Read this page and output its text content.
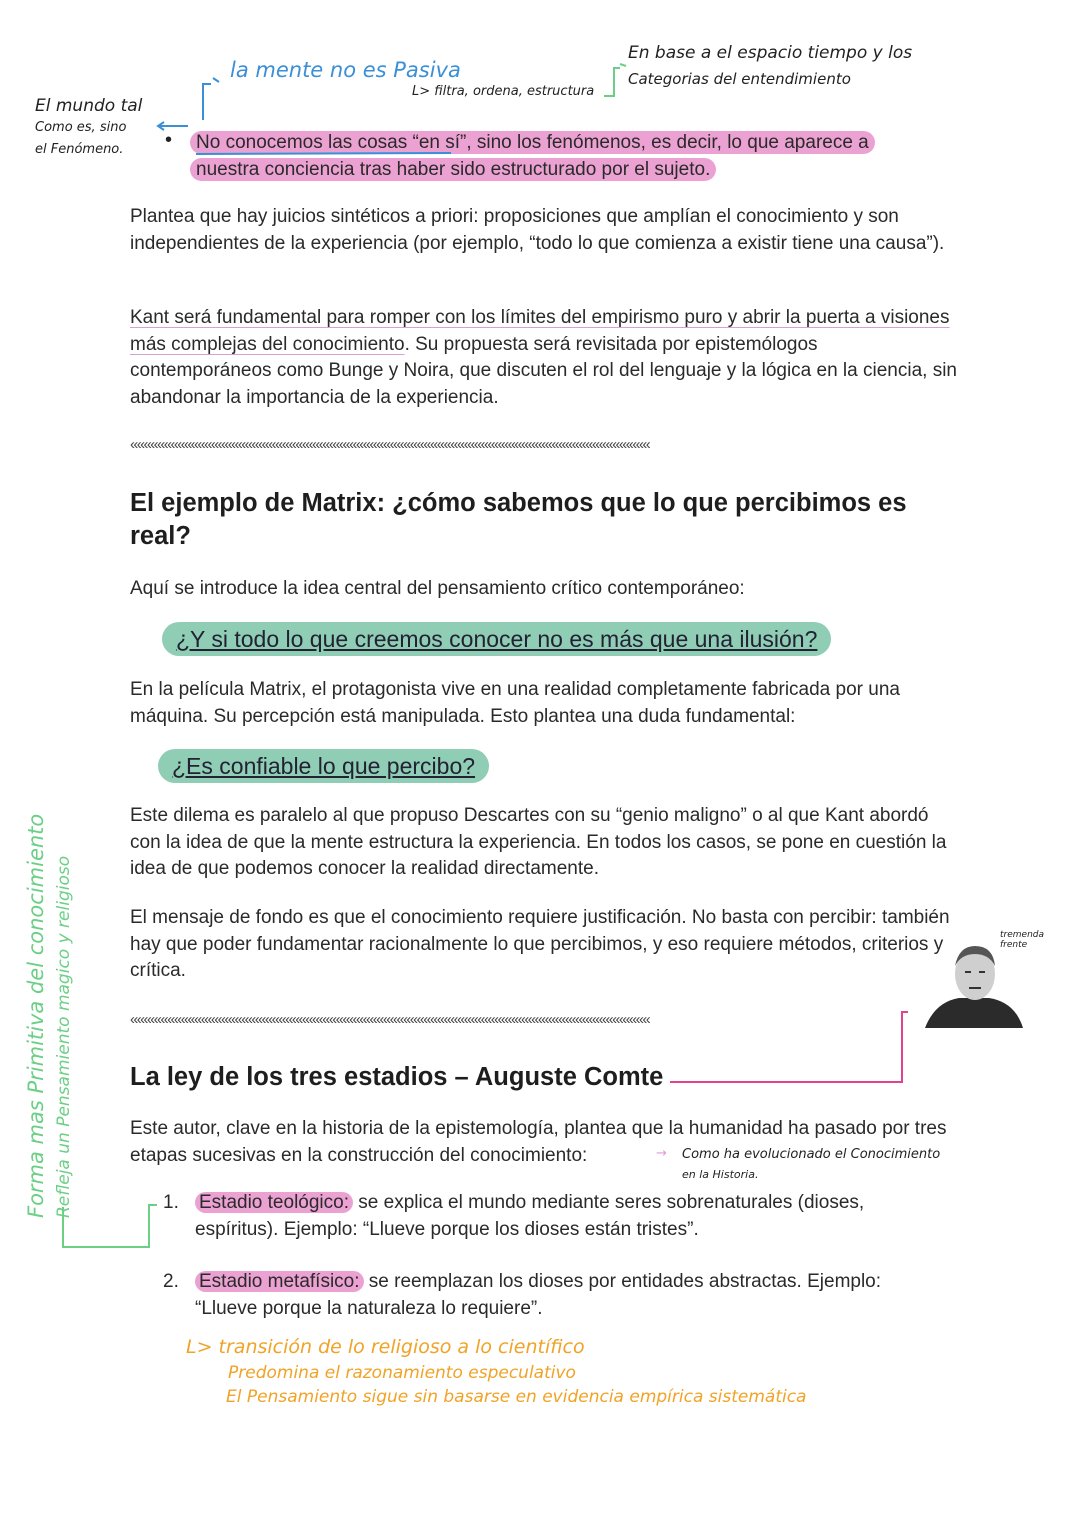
El mundo tal
Como es, sino
el Fenómeno.
la mente no es Pasiva
L> filtra, ordena, estructura
En base a el espacio tiempo y los
Categorias del entendimiento
•	No conocemos las cosas “en sí”, sino los fenómenos, es decir, lo que aparece a
nuestra conciencia tras haber sido estructurado por el sujeto.
Plantea que hay juicios sintéticos a priori: proposiciones que amplían el conocimiento y son independientes de la experiencia (por ejemplo, “todo lo que comienza a existir tiene una causa”).
Kant será fundamental para romper con los límites del empirismo puro y abrir la puerta a visiones más complejas del conocimiento. Su propuesta será revisitada por epistemólogos contemporáneos como Bunge y Noira, que discuten el rol del lenguaje y la lógica en la ciencia, sin abandonar la importancia de la experiencia.
«««««««««««««««««««««««««««««««««««««««««««««««««««««««««««««««««««««««««««««
El ejemplo de Matrix: ¿cómo sabemos que lo que percibimos es real?
Aquí se introduce la idea central del pensamiento crítico contemporáneo:
¿Y si todo lo que creemos conocer no es más que una ilusión?
En la película Matrix, el protagonista vive en una realidad completamente fabricada por una máquina. Su percepción está manipulada. Esto plantea una duda fundamental:
¿Es confiable lo que percibo?
Este dilema es paralelo al que propuso Descartes con su “genio maligno” o al que Kant abordó con la idea de que la mente estructura la experiencia. En todos los casos, se pone en cuestión la idea de que podemos conocer la realidad directamente.
El mensaje de fondo es que el conocimiento requiere justificación. No basta con percibir: también hay que poder fundamentar racionalmente lo que percibimos, y eso requiere métodos, criterios y crítica.
tremenda
frente
«««««««««««««««««««««««««««««««««««««««««««««««««««««««««««««««««««««««««««««
La ley de los tres estadios – Auguste Comte
Este autor, clave en la historia de la epistemología, plantea que la humanidad ha pasado por tres etapas sucesivas en la construcción del conocimiento:	→ Como ha evolucionado el Conocimiento
en la Historia.
1. Estadio teológico: se explica el mundo mediante seres sobrenaturales (dioses, espíritus). Ejemplo: “Llueve porque los dioses están tristes”.
2. Estadio metafísico: se reemplazan los dioses por entidades abstractas. Ejemplo: “Llueve porque la naturaleza lo requiere”.
Forma mas Primitiva del conocimiento Refleja un Pensamiento magico y religioso
L> transición de lo religioso a lo científico
Predomina el razonamiento especulativo
El Pensamiento sigue sin basarse en evidencia empírica sistemática
